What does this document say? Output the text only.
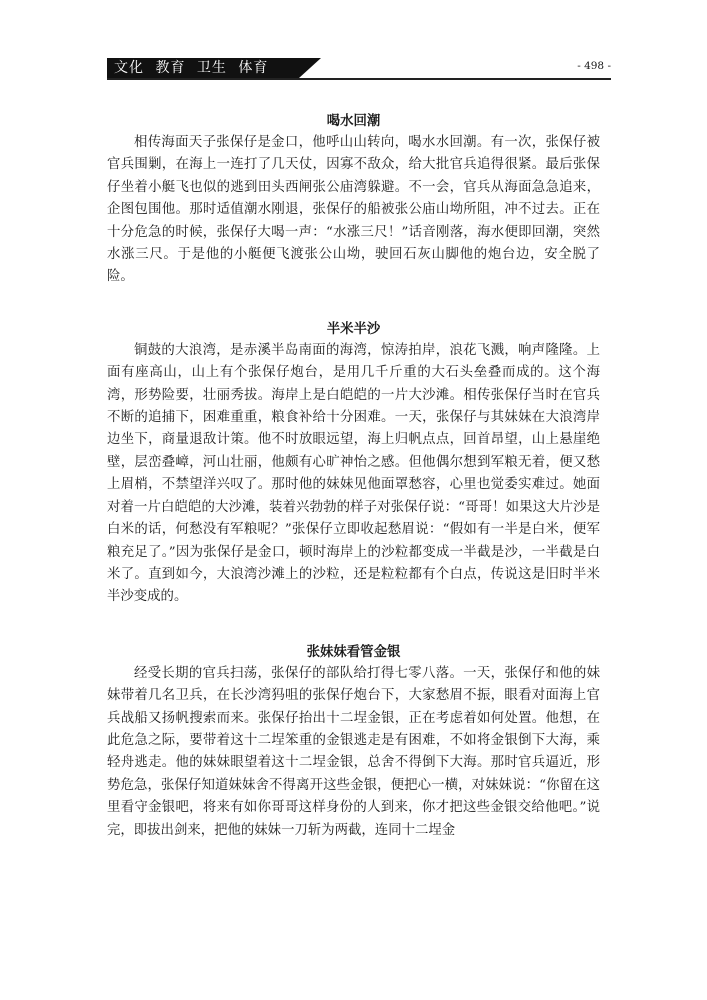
文化 教育 卫生 体育	- 498 -
喝水回潮

相传海面天子张保仔是金口，他呼山山转向，喝水水回潮。有一次，张保仔被官兵围剿，在海上一连打了几天仗，因寡不敌众，给大批官兵追得很紧。最后张保仔坐着小艇飞也似的逃到田头西闸张公庙湾躲避。不一会，官兵从海面急急追来，企图包围他。那时适值潮水刚退，张保仔的船被张公庙山坳所阻，冲不过去。正在十分危急的时候，张保仔大喝一声：“水涨三尺！”话音刚落，海水便即回潮，突然水涨三尺。于是他的小艇便飞渡张公山坳，驶回石灰山脚他的炮台边，安全脱了险。

半米半沙

铜鼓的大浪湾，是赤溪半岛南面的海湾，惊涛拍岸，浪花飞溅，响声隆隆。上面有座高山，山上有个张保仔炮台，是用几千斤重的大石头垒叠而成的。这个海湾，形势险要，壮丽秀拔。海岸上是白皑皑的一片大沙滩。相传张保仔当时在官兵不断的追捕下，困难重重，粮食补给十分困难。一天，张保仔与其妹妹在大浪湾岸边坐下，商量退敌计策。他不时放眼远望，海上归帆点点，回首昂望，山上悬崖绝壁，层峦叠嶂，河山壮丽，他颇有心旷神怡之感。但他偶尔想到军粮无着，便又愁上眉梢，不禁望洋兴叹了。那时他的妹妹见他面罩愁容，心里也觉委实难过。她面对着一片白皑皑的大沙滩，装着兴勃勃的样子对张保仔说：“哥哥！如果这大片沙是白米的话，何愁没有军粮呢？”张保仔立即收起愁眉说：“假如有一半是白米，便军粮充足了。”因为张保仔是金口，顿时海岸上的沙粒都变成一半截是沙，一半截是白米了。直到如今，大浪湾沙滩上的沙粒，还是粒粒都有个白点，传说这是旧时半米半沙变成的。

张妹妹看管金银

经受长期的官兵扫荡，张保仔的部队给打得七零八落。一天，张保仔和他的妹妹带着几名卫兵，在长沙湾犸咀的张保仔炮台下，大家愁眉不振，眼看对面海上官兵战船又扬帆搜索而来。张保仔抬出十二埕金银，正在考虑着如何处置。他想，在此危急之际，要带着这十二埕笨重的金银逃走是有困难，不如将金银倒下大海，乘轻舟逃走。他的妹妹眼望着这十二埕金银，总舍不得倒下大海。那时官兵逼近，形势危急，张保仔知道妹妹舍不得离开这些金银，便把心一横，对妹妹说：“你留在这里看守金银吧，将来有如你哥哥这样身份的人到来，你才把这些金银交给他吧。”说完，即拔出剑来，把他的妹妹一刀斩为两截，连同十二埕金
